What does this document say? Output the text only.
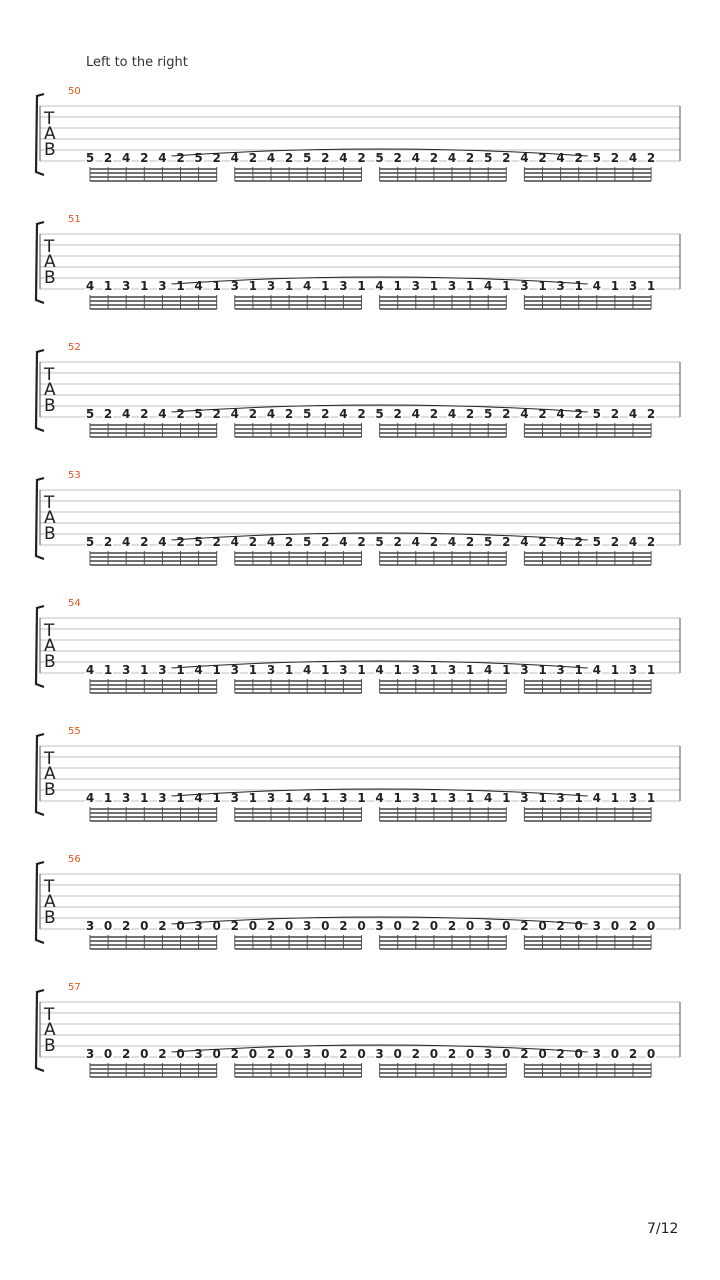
Left to the right
50
T
A
B	5 2 4 2 4 2 5 2 4 2 4 2 5 2 4 2 5 2 4 2 4 2 5 2 4 2 4 2 5 2 4 2
51
T
A
B	4 1 3 1 3 1 4 1 3 1 3 1 4 1 3 1 4 1 3 1 3 1 4 1 3 1 3 1 4 1 3 1
52
T
A
B	5 2 4 2 4 2 5 2 4 2 4 2 5 2 4 2 5 2 4 2 4 2 5 2 4 2 4 2 5 2 4 2
53
T
A
B	5 2 4 2 4 2 5 2 4 2 4 2 5 2 4 2 5 2 4 2 4 2 5 2 4 2 4 2 5 2 4 2
54
T
A
B	4 1 3 1 3 1 4 1 3 1 3 1 4 1 3 1 4 1 3 1 3 1 4 1 3 1 3 1 4 1 3 1
55
T
A
B	4 1 3 1 3 1 4 1 3 1 3 1 4 1 3 1 4 1 3 1 3 1 4 1 3 1 3 1 4 1 3 1
56
T
A
B	3 0 2 0 2 0 3 0 2 0 2 0 3 0 2 0 3 0 2 0 2 0 3 0 2 0 2 0 3 0 2 0
57
T
A
B	3 0 2 0 2 0 3 0 2 0 2 0 3 0 2 0 3 0 2 0 2 0 3 0 2 0 2 0 3 0 2 0
7/12
